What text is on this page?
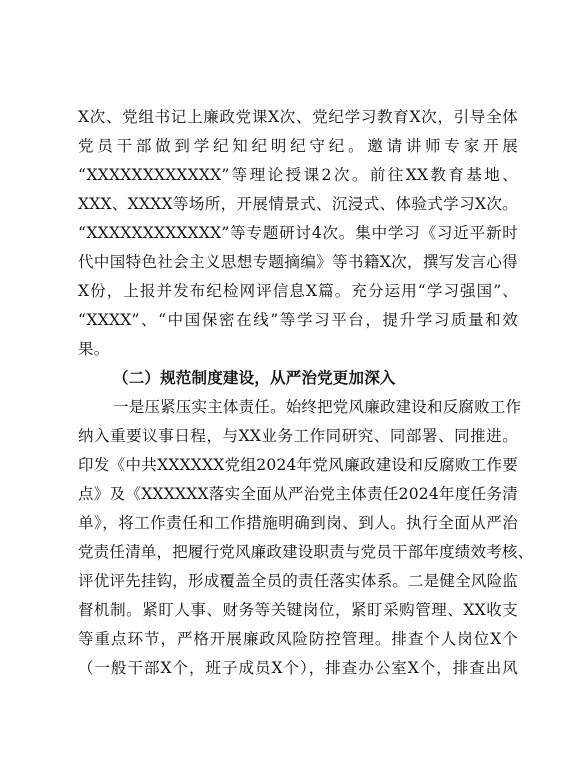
X次、党组书记上廉政党课X次、党纪学习教育X次，引导全体
党员干部做到学纪知纪明纪守纪。邀请讲师专家开展
“XXXXXXXXXXXX”等理论授课2次。前往XX教育基地、
XXX、XXXX等场所，开展情景式、沉浸式、体验式学习X次。
“XXXXXXXXXXXX”等专题研讨4次。集中学习《习近平新时
代中国特色社会主义思想专题摘编》等书籍X次，撰写发言心得
X份，上报并发布纪检网评信息X篇。充分运用“学习强国”、
“XXXX”、“中国保密在线”等学习平台，提升学习质量和效
果。
（二）规范制度建设，从严治党更加深入
一是压紧压实主体责任。始终把党风廉政建设和反腐败工作
纳入重要议事日程，与XX业务工作同研究、同部署、同推进。
印发《中共XXXXXX党组2024年党风廉政建设和反腐败工作要
点》及《XXXXXX落实全面从严治党主体责任2024年度任务清
单》，将工作责任和工作措施明确到岗、到人。执行全面从严治
党责任清单，把履行党风廉政建设职责与党员干部年度绩效考核、
评优评先挂钩，形成覆盖全员的责任落实体系。二是健全风险监
督机制。紧盯人事、财务等关键岗位，紧盯采购管理、XX收支
等重点环节，严格开展廉政风险防控管理。排查个人岗位X个
（一般干部X个，班子成员X个），排查办公室X个，排查出风
